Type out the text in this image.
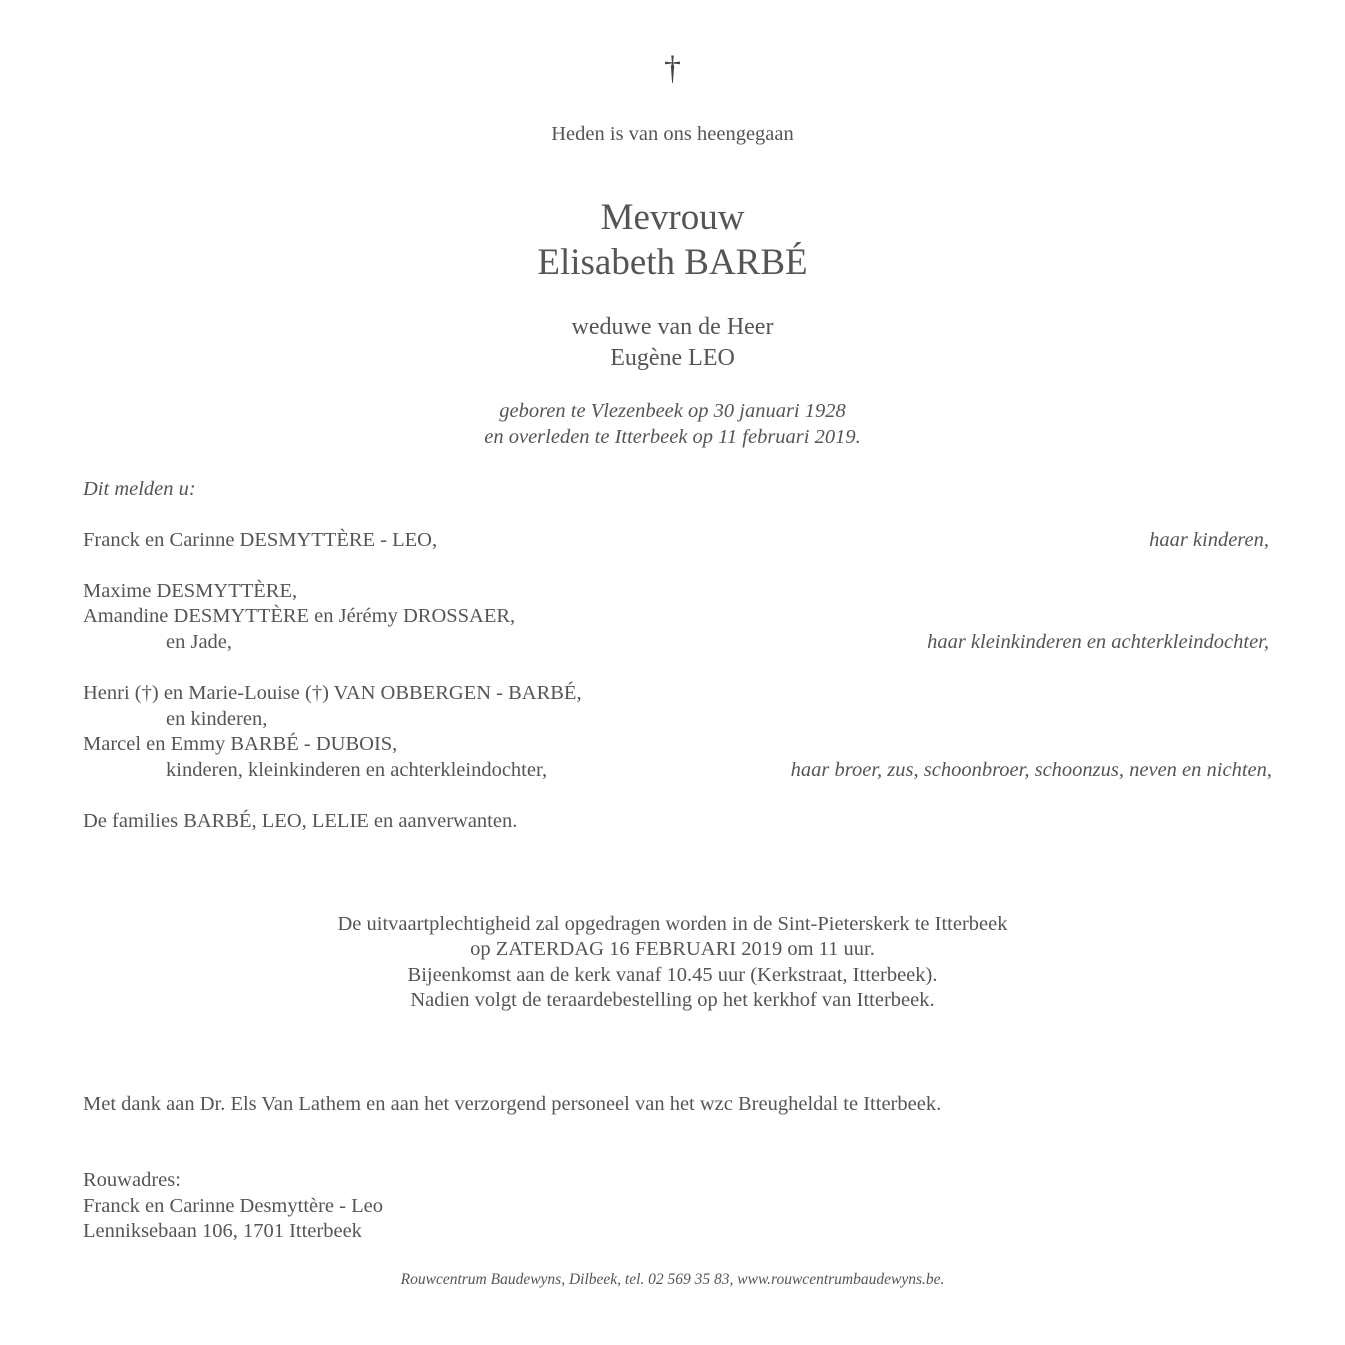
†
Heden is van ons heengegaan
Mevrouw
Elisabeth BARBÉ
weduwe van de Heer
Eugène LEO
geboren te Vlezenbeek op 30 januari 1928
en overleden te Itterbeek op 11 februari 2019.
Dit melden u:
Franck en Carinne DESMYTTÈRE - LEO,	haar kinderen,
Maxime DESMYTTÈRE,
Amandine DESMYTTÈRE en Jérémy DROSSAER,
en Jade,	haar kleinkinderen en achterkleindochter,
Henri (†) en Marie-Louise (†) VAN OBBERGEN - BARBÉ,
en kinderen,
Marcel en Emmy BARBÉ - DUBOIS,
kinderen, kleinkinderen en achterkleindochter,	haar broer, zus, schoonbroer, schoonzus, neven en nichten,
De families BARBÉ, LEO, LELIE en aanverwanten.
De uitvaartplechtigheid zal opgedragen worden in de Sint-Pieterskerk te Itterbeek
op ZATERDAG 16 FEBRUARI 2019 om 11 uur.
Bijeenkomst aan de kerk vanaf 10.45 uur (Kerkstraat, Itterbeek).
Nadien volgt de teraardebestelling op het kerkhof van Itterbeek.
Met dank aan Dr. Els Van Lathem en aan het verzorgend personeel van het wzc Breugheldal te Itterbeek.
Rouwadres:
Franck en Carinne Desmyttère - Leo
Lenniksebaan 106, 1701 Itterbeek
Rouwcentrum Baudewyns, Dilbeek, tel. 02 569 35 83, www.rouwcentrumbaudewyns.be.
